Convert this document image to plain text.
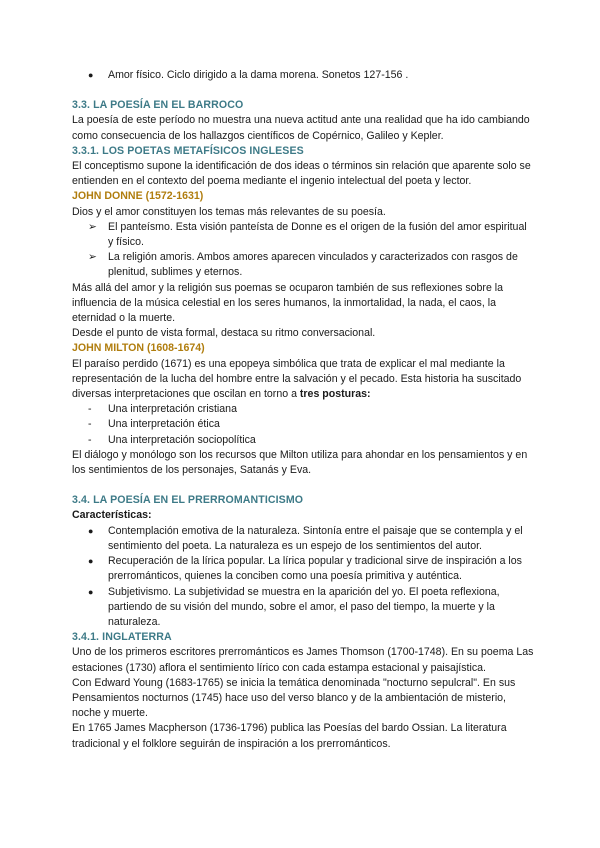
●	Amor físico. Ciclo dirigido a la dama morena. Sonetos 127-156 .

3.3. LA POESÍA EN EL BARROCO

La poesía de este período no muestra una nueva actitud ante una realidad que ha ido cambiando como consecuencia de los hallazgos científicos de Copérnico, Galileo y Kepler.

3.3.1. LOS POETAS METAFÍSICOS INGLESES

El conceptismo supone la identificación de dos ideas o términos sin relación que aparente solo se entienden en el contexto del poema mediante el ingenio intelectual del poeta y lector.

JOHN DONNE (1572-1631)

Dios y el amor constituyen los temas más relevantes de su poesía.

➢	El panteísmo. Esta visión panteísta de Donne es el origen de la fusión del amor espiritual y físico.
➢	La religión amoris. Ambos amores aparecen vinculados y caracterizados con rasgos de plenitud, sublimes y eternos.

Más allá del amor y la religión sus poemas se ocuparon también de sus reflexiones sobre la influencia de la música celestial en los seres humanos, la inmortalidad, la nada, el caos, la eternidad o la muerte.

Desde el punto de vista formal, destaca su ritmo conversacional.

JOHN MILTON (1608-1674)

El paraíso perdido (1671) es una epopeya simbólica que trata de explicar el mal mediante la representación de la lucha del hombre entre la salvación y el pecado. Esta historia ha suscitado diversas interpretaciones que oscilan en torno a tres posturas:

-	Una interpretación cristiana
-	Una interpretación ética
-	Una interpretación sociopolítica

El diálogo y monólogo son los recursos que Milton utiliza para ahondar en los pensamientos y en los sentimientos de los personajes, Satanás y Eva.

3.4. LA POESÍA EN EL PRERROMANTICISMO

Características:

●	Contemplación emotiva de la naturaleza. Sintonía entre el paisaje que se contempla y el sentimiento del poeta. La naturaleza es un espejo de los sentimientos del autor.
●	Recuperación de la lírica popular. La lírica popular y tradicional sirve de inspiración a los prerrománticos, quienes la conciben como una poesía primitiva y auténtica.
●	Subjetivismo. La subjetividad se muestra en la aparición del yo. El poeta reflexiona, partiendo de su visión del mundo, sobre el amor, el paso del tiempo, la muerte y la naturaleza.

3.4.1. INGLATERRA

Uno de los primeros escritores prerrománticos es James Thomson (1700-1748). En su poema Las estaciones (1730) aflora el sentimiento lírico con cada estampa estacional y paisajística.

Con Edward Young (1683-1765) se inicia la temática denominada "nocturno sepulcral". En sus Pensamientos nocturnos (1745) hace uso del verso blanco y de la ambientación de misterio, noche y muerte.

En 1765 James Macpherson (1736-1796) publica las Poesías del bardo Ossian. La literatura tradicional y el folklore seguirán de inspiración a los prerrománticos.
